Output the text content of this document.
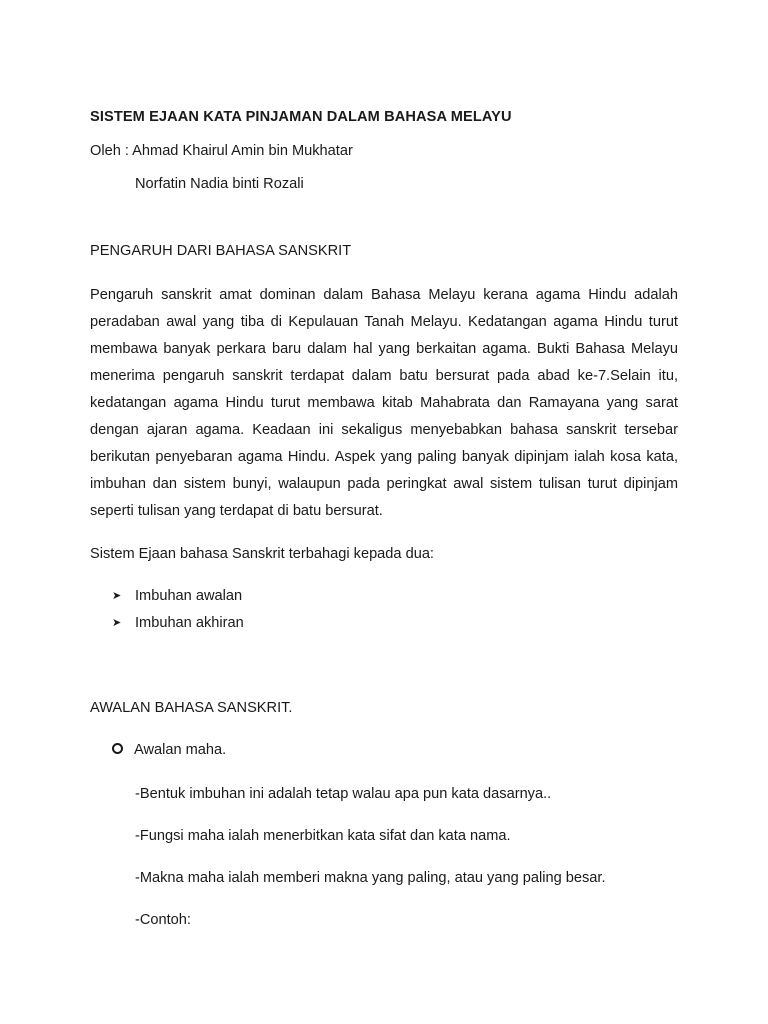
SISTEM EJAAN KATA PINJAMAN DALAM BAHASA MELAYU
Oleh : Ahmad Khairul Amin bin Mukhatar
Norfatin Nadia binti Rozali
PENGARUH DARI BAHASA SANSKRIT

Pengaruh sanskrit amat dominan dalam Bahasa Melayu kerana agama Hindu adalah peradaban awal yang tiba di Kepulauan Tanah Melayu. Kedatangan agama Hindu turut membawa banyak perkara baru dalam hal yang berkaitan agama. Bukti Bahasa Melayu menerima pengaruh sanskrit terdapat dalam batu bersurat pada abad ke-7.Selain itu, kedatangan agama Hindu turut membawa kitab Mahabrata dan Ramayana yang sarat dengan ajaran agama. Keadaan ini sekaligus menyebabkan bahasa sanskrit tersebar berikutan penyebaran agama Hindu. Aspek yang paling banyak dipinjam ialah kosa kata, imbuhan dan sistem bunyi, walaupun pada peringkat awal sistem tulisan turut dipinjam seperti tulisan yang terdapat di batu bersurat.

Sistem Ejaan bahasa Sanskrit terbahagi kepada dua:
➤ Imbuhan awalan
➤ Imbuhan akhiran
AWALAN BAHASA SANSKRIT.
Awalan maha.
-Bentuk imbuhan ini adalah tetap walau apa pun kata dasarnya..
-Fungsi maha ialah menerbitkan kata sifat dan kata nama.
-Makna maha ialah memberi makna yang paling, atau yang paling besar.
-Contoh:
